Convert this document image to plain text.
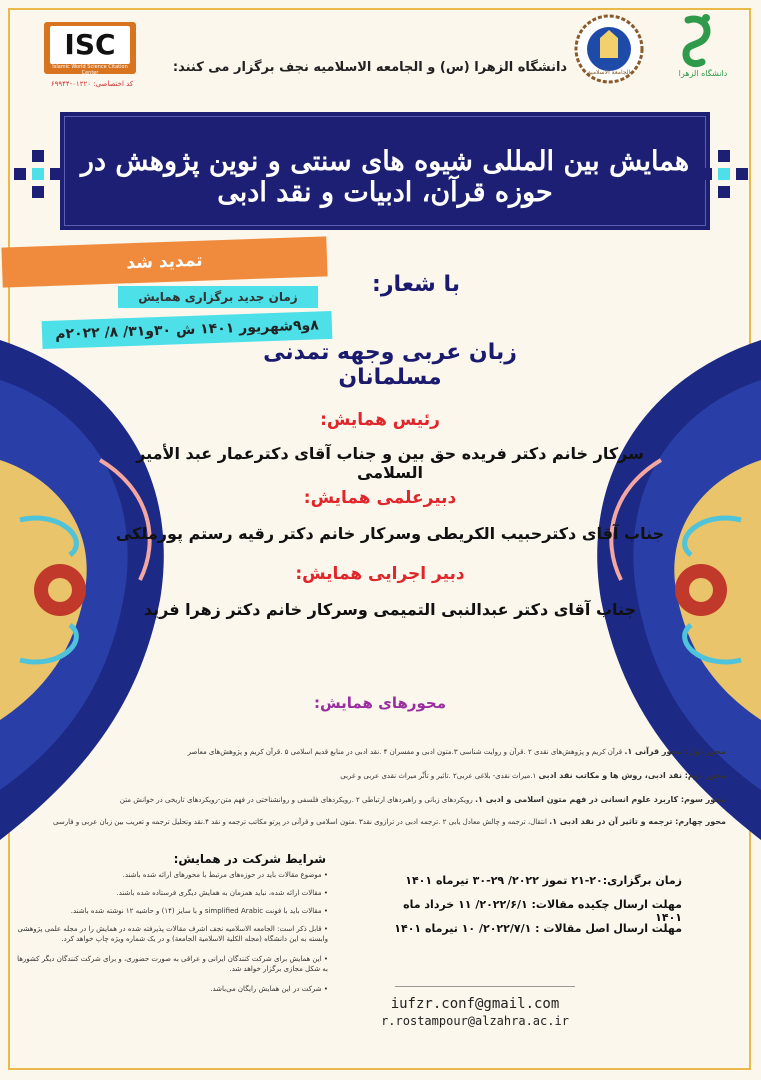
ISC
Islamic World Science Citation Center
کد اختصاصی: ۰۱۲۲۰-۶۹۹۴۴
الجامعة الاسلامية	دانشگاه الزهرا
دانشگاه الزهرا (س) و الجامعه الاسلامیه نجف برگزار می کنند:
همایش بین المللی شیوه های سنتی و نوین پژوهش در حوزه قرآن، ادبیات و نقد ادبی
تمدید شد
زمان جدید برگزاری همایش
۸و۹شهریور ۱۴۰۱ ش ۳۰و۳۱/ ۸/ ۲۰۲۲م
با شعار:
زبان عربی وجهه تمدنی مسلمانان
رئیس همایش:
سرکار خانم دکتر فریده حق بین و جناب آقای دکترعمار عبد الأمیر السلامی
دبیرعلمی همایش:
جناب آقای دکترحبیب الکریطی وسرکار خانم دکتر رقیه رستم پورملکی
دبیر اجرایی همایش:
جناب آقای دکتر عبدالنبی التمیمی وسرکار خانم دکتر زهرا فرید
محورهای همایش:
محور اول: محور قرآنی ۱. قرآن کریم و پژوهش‌های نقدی ۲ .قرآن و روایت شناسی ۳.متون ادبی و مفسران ۴ .نقد ادبی در منابع قدیم اسلامی ۵ .قرآن کریم و پژوهش‌های معاصر
محور دوم: نقد ادبی، روش ها و مکاتب نقد ادبی ۱.میراث نقدی- بلاغی عربی۲ .تاثیر و تأثّر میراث نقدی عربی و غربی
محور سوم: کاربرد علوم انسانی در فهم متون اسلامی و ادبی ۱. رویکردهای زبانی و راهبردهای ارتباطی ۲ .رویکردهای فلسفی و روانشناختی در فهم متن-رویکردهای تاریخی در خوانش متن
محور چهارم: ترجمه و تاثیر آن در نقد ادبی ۱. انتقال، ترجمه و چالش معادل یابی ۲ .ترجمه ادبی در ترازوی نقد۳ .متون اسلامی و قرآنی در پرتو مکاتب ترجمه و نقد ۴.نقد وتحلیل ترجمه و تعریب بین زبان عربی و فارسی
شرایط شرکت در همایش:
• موضوع مقالات باید در حوزه‌های مرتبط با محورهای ارائه شده باشند.
• مقالات ارائه شده، نباید همزمان به همایش دیگری فرستاده شده باشند.
• مقالات باید با فونت simplified Arabic و با سایز (۱۴) و حاشیه ۱۲ نوشته شده باشند.
• قابل ذکر است: الجامعه الاسلامیه نجف اشرف مقالات پذیرفته شده در همایش را در مجله علمی پژوهشی وابسته به این دانشگاه (مجله الکلیة الاسلامیة الجامعة) و در یک شماره ویژه چاپ خواهد کرد.
• این همایش برای شرکت کنندگان ایرانی و عراقی به صورت حضوری، و برای شرکت کنندگان دیگر کشورها به شکل مجازی برگزار خواهد شد.
• شرکت در این همایش رایگان می‌باشد.
زمان برگزاری:۲۰-۲۱ تموز ۲۰۲۲/ ۲۹-۳۰ تیرماه ۱۴۰۱
مهلت ارسال چکیده مقالات: ۲۰۲۲/۶/۱/ ۱۱ خرداد ماه ۱۴۰۱
مهلت ارسال اصل مقالات : ۲۰۲۲/۷/۱/ ۱۰ تیرماه ۱۴۰۱
iufzr.conf@gmail.com
r.rostampour@alzahra.ac.ir
